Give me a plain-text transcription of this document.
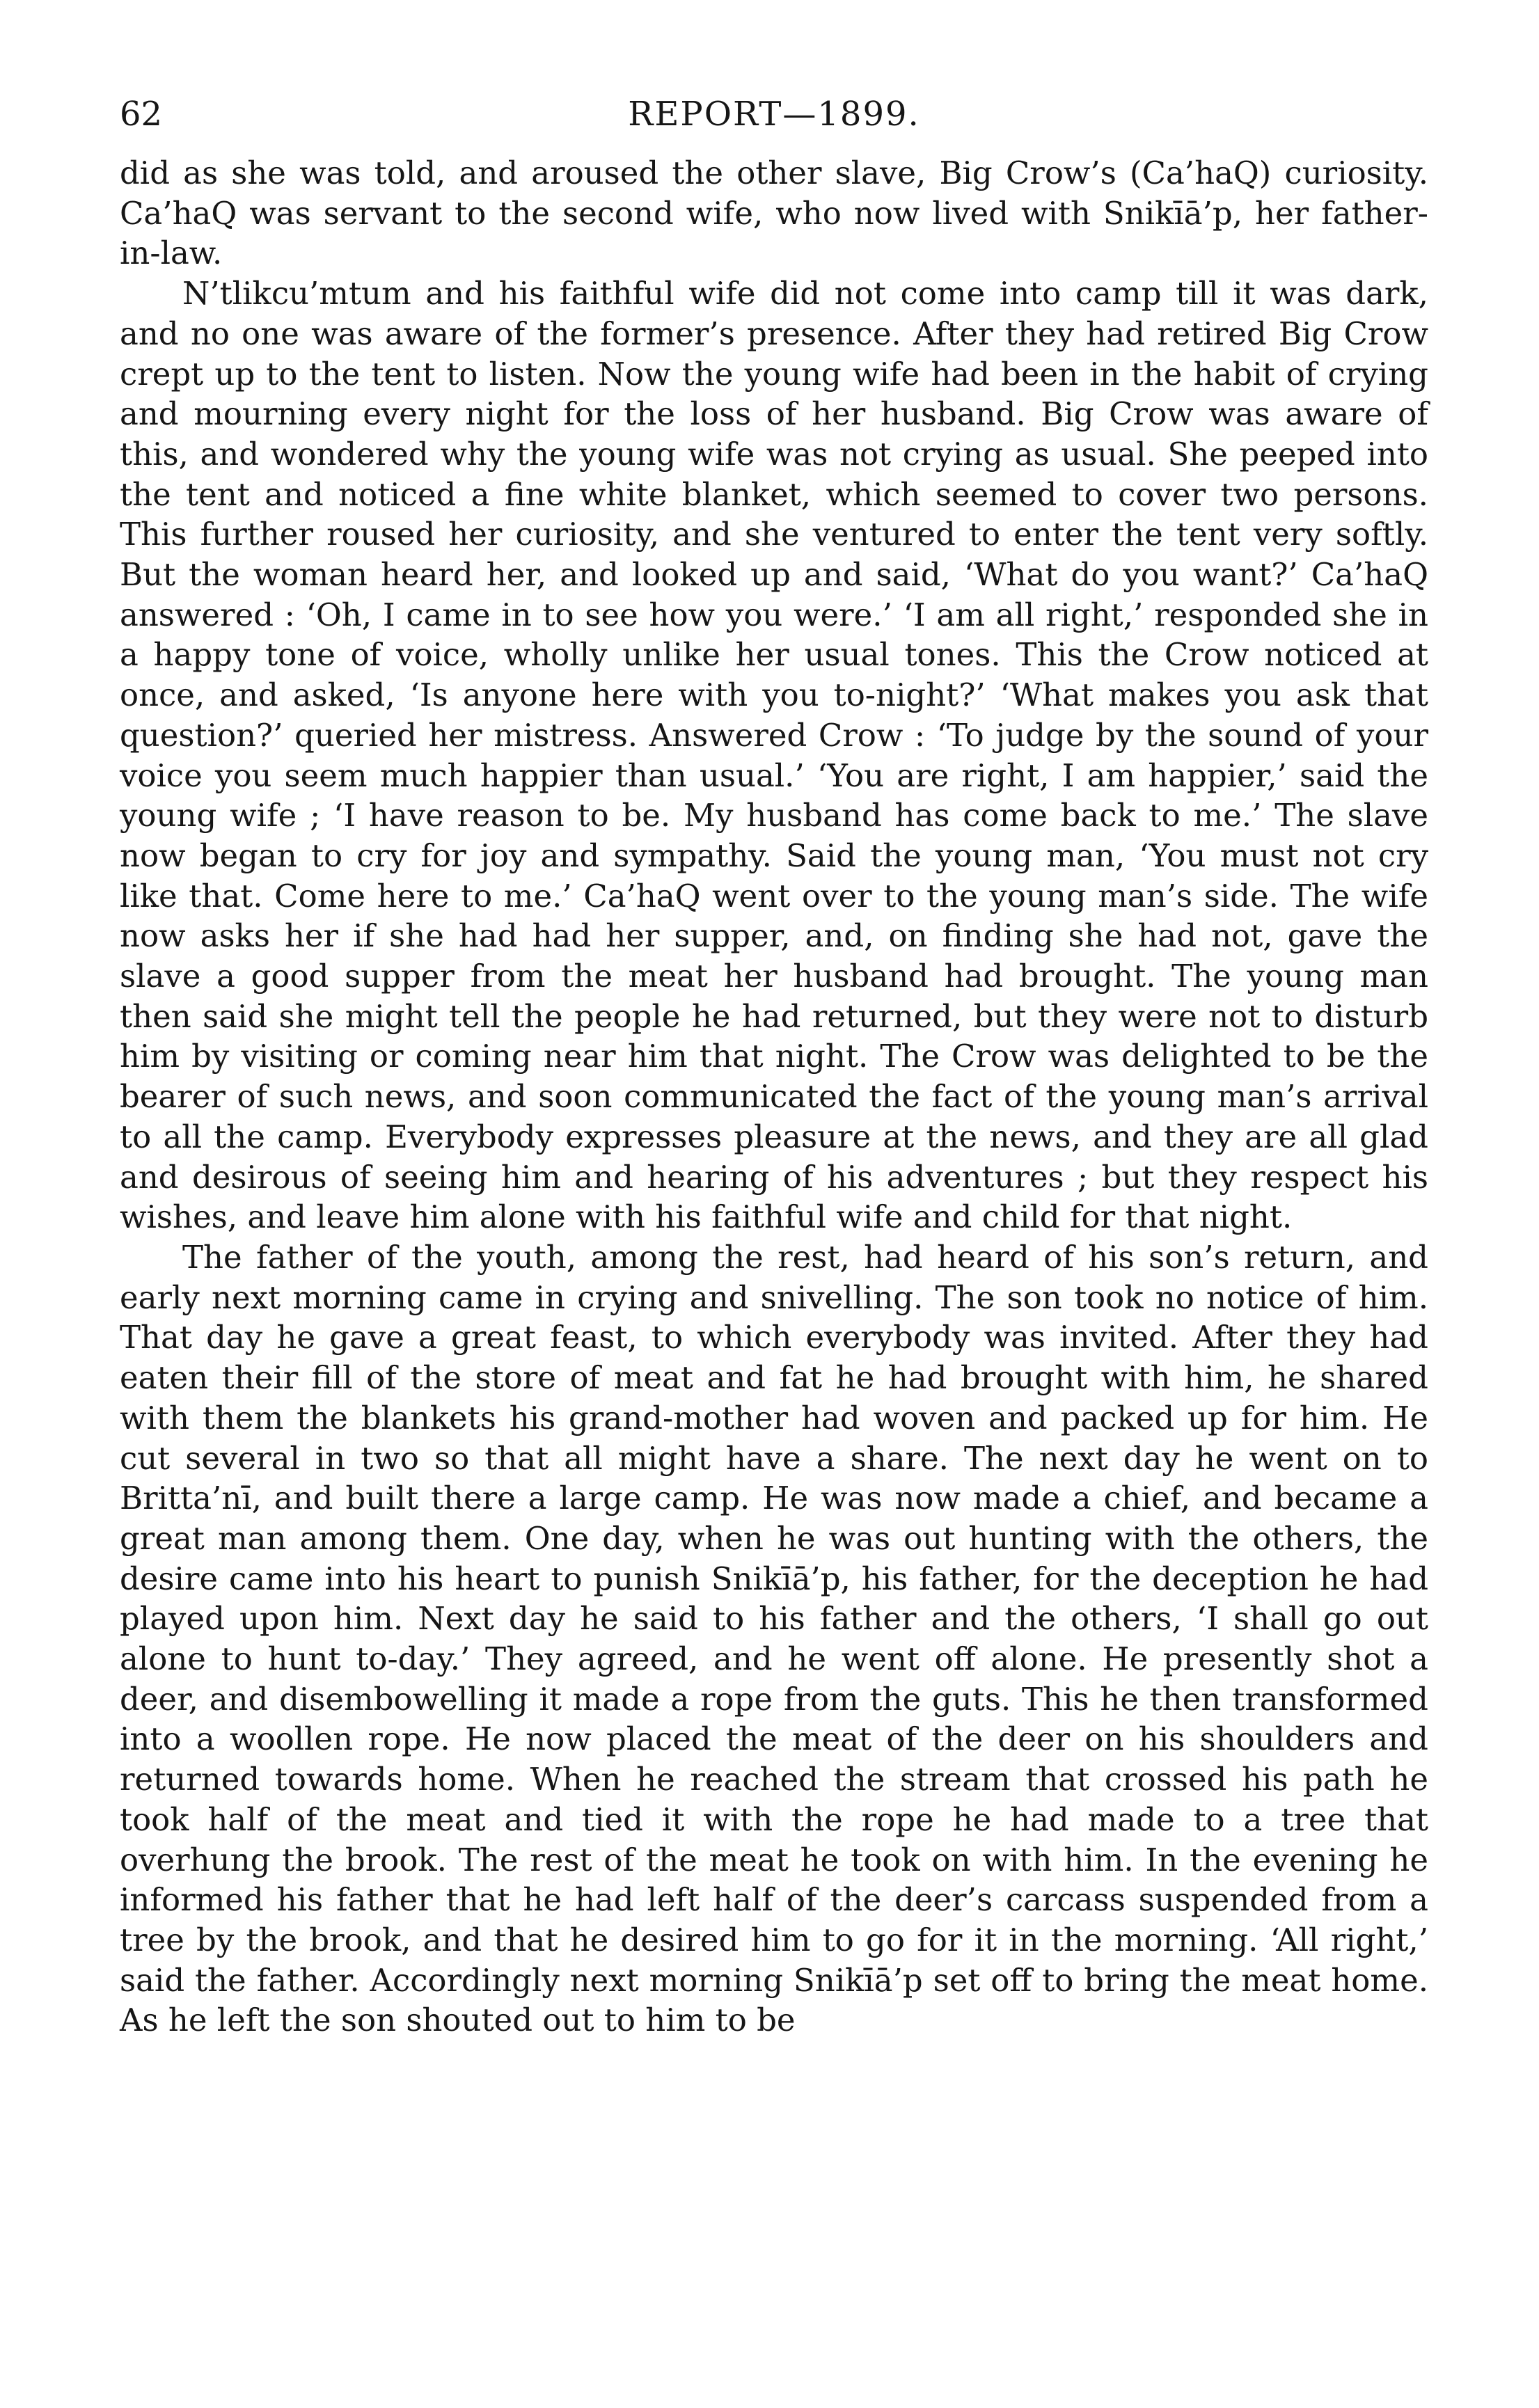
62	REPORT—1899.

did as she was told, and aroused the other slave, Big Crow’s (Ca’haQ) curiosity. Ca’haQ was servant to the second wife, who now lived with Snikīā’p, her father-in-law.

N’tlikcu’mtum and his faithful wife did not come into camp till it was dark, and no one was aware of the former’s presence. After they had retired Big Crow crept up to the tent to listen. Now the young wife had been in the habit of crying and mourning every night for the loss of her husband. Big Crow was aware of this, and wondered why the young wife was not crying as usual. She peeped into the tent and noticed a fine white blanket, which seemed to cover two persons. This further roused her curiosity, and she ventured to enter the tent very softly. But the woman heard her, and looked up and said, ‘What do you want?’ Ca’haQ answered : ‘Oh, I came in to see how you were.’ ‘I am all right,’ responded she in a happy tone of voice, wholly unlike her usual tones. This the Crow noticed at once, and asked, ‘Is anyone here with you to-night?’ ‘What makes you ask that question?’ queried her mistress. Answered Crow : ‘To judge by the sound of your voice you seem much happier than usual.’ ‘You are right, I am happier,’ said the young wife ; ‘I have reason to be. My husband has come back to me.’ The slave now began to cry for joy and sympathy. Said the young man, ‘You must not cry like that. Come here to me.’ Ca’haQ went over to the young man’s side. The wife now asks her if she had had her supper, and, on finding she had not, gave the slave a good supper from the meat her husband had brought. The young man then said she might tell the people he had returned, but they were not to disturb him by visiting or coming near him that night. The Crow was delighted to be the bearer of such news, and soon communicated the fact of the young man’s arrival to all the camp. Everybody expresses pleasure at the news, and they are all glad and desirous of seeing him and hearing of his adventures ; but they respect his wishes, and leave him alone with his faithful wife and child for that night.

The father of the youth, among the rest, had heard of his son’s return, and early next morning came in crying and snivelling. The son took no notice of him. That day he gave a great feast, to which everybody was invited. After they had eaten their fill of the store of meat and fat he had brought with him, he shared with them the blankets his grand-mother had woven and packed up for him. He cut several in two so that all might have a share. The next day he went on to Britta’nī, and built there a large camp. He was now made a chief, and became a great man among them. One day, when he was out hunting with the others, the desire came into his heart to punish Snikīā’p, his father, for the deception he had played upon him. Next day he said to his father and the others, ‘I shall go out alone to hunt to-day.’ They agreed, and he went off alone. He presently shot a deer, and disembowelling it made a rope from the guts. This he then transformed into a woollen rope. He now placed the meat of the deer on his shoulders and returned towards home. When he reached the stream that crossed his path he took half of the meat and tied it with the rope he had made to a tree that overhung the brook. The rest of the meat he took on with him. In the evening he informed his father that he had left half of the deer’s carcass suspended from a tree by the brook, and that he desired him to go for it in the morning. ‘All right,’ said the father. Accordingly next morning Snikīā’p set off to bring the meat home. As he left the son shouted out to him to be
